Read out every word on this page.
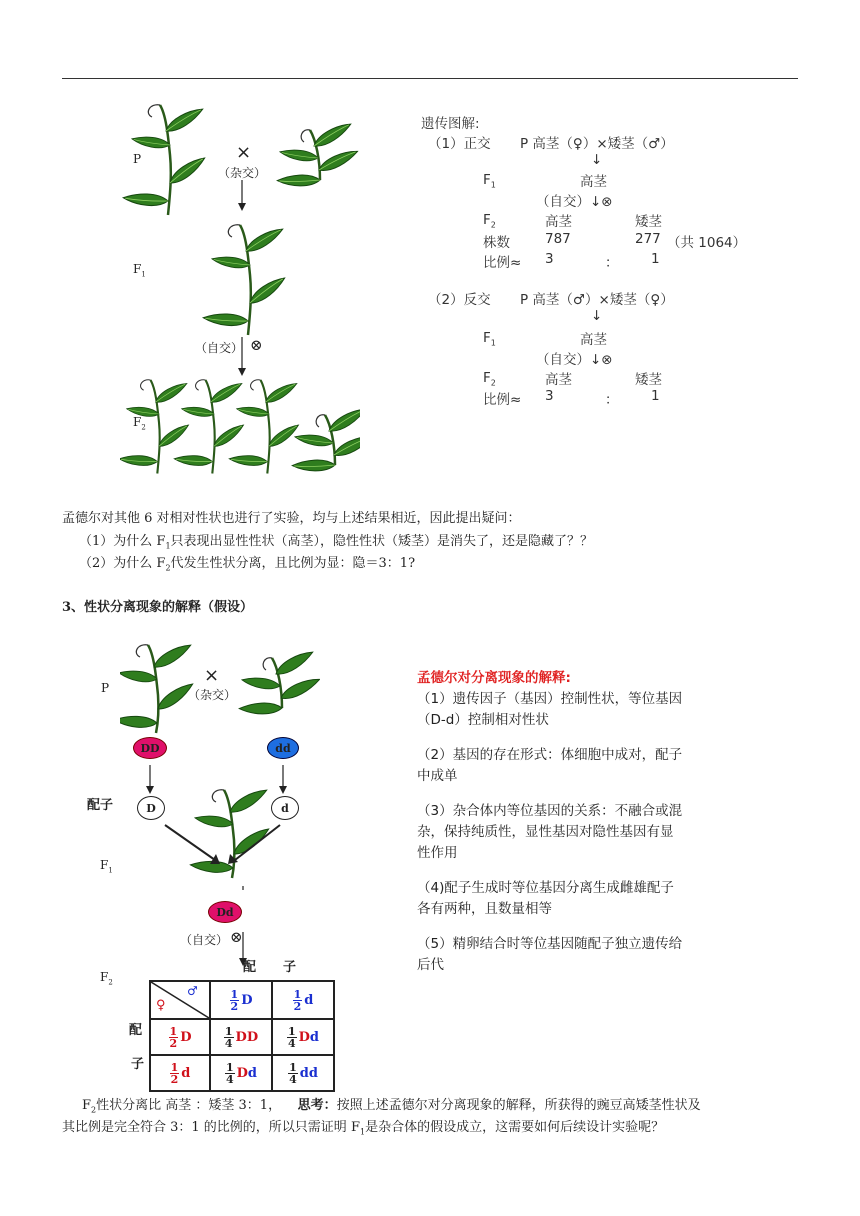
P
$F_1$
$F_2$
×
（杂交）
（自交） ⊗
遗传图解:
（1）正交 P 高茎（♀）×矮茎（♂）
↓
$F_1$	高茎
（自交）↓⊗
$F_2$	高茎	矮茎
株数	787	277 （共 1064）
比例≈ 3	： 1
（2）反交 P 高茎（♂）×矮茎（♀）
↓
$F_1$	高茎
（自交）↓⊗
$F_2$	高茎	矮茎
比例≈ 3	： 1
孟德尔对其他 6 对相对性状也进行了实验，均与上述结果相近，因此提出疑问：
（1）为什么 $F_1$只表现出显性性状（高茎），隐性性状（矮茎）是消失了，还是隐藏了？？
（2）为什么 $F_2$代发生性状分离，且比例为显：隐＝3：1?
3、性状分离现象的解释（假设）
P
×
（杂交）
DD	dd
配子	D	d
$F_1$
Dd
（自交） ⊗
$F_2$
配 子
配
子
♀
♂	$\frac{1}{2}$ D	$\frac{1}{2}$ d

$\frac{1}{2}$ D	$\frac{1}{4}$ DD	$\frac{1}{4}$ Dd

$\frac{1}{2}$ d	$\frac{1}{4}$ Dd	$\frac{1}{4}$ dd
孟德尔对分离现象的解释:
（1）遗传因子（基因）控制性状，等位基因
（D-d）控制相对性状
（2）基因的存在形式：体细胞中成对，配子
中成单
（3）杂合体内等位基因的关系：不融合或混
杂，保持纯质性，显性基因对隐性基因有显
性作用
（4)配子生成时等位基因分离生成雌雄配子
各有两种，且数量相等
（5）精卵结合时等位基因随配子独立遗传给
后代
$F_2$性状分离比 高茎 ：矮茎 3：1， 思考：按照上述孟德尔对分离现象的解释，所获得的豌豆高矮茎性状及
其比例是完全符合 3：1 的比例的，所以只需证明 $F_1$是杂合体的假设成立，这需要如何后续设计实验呢？
